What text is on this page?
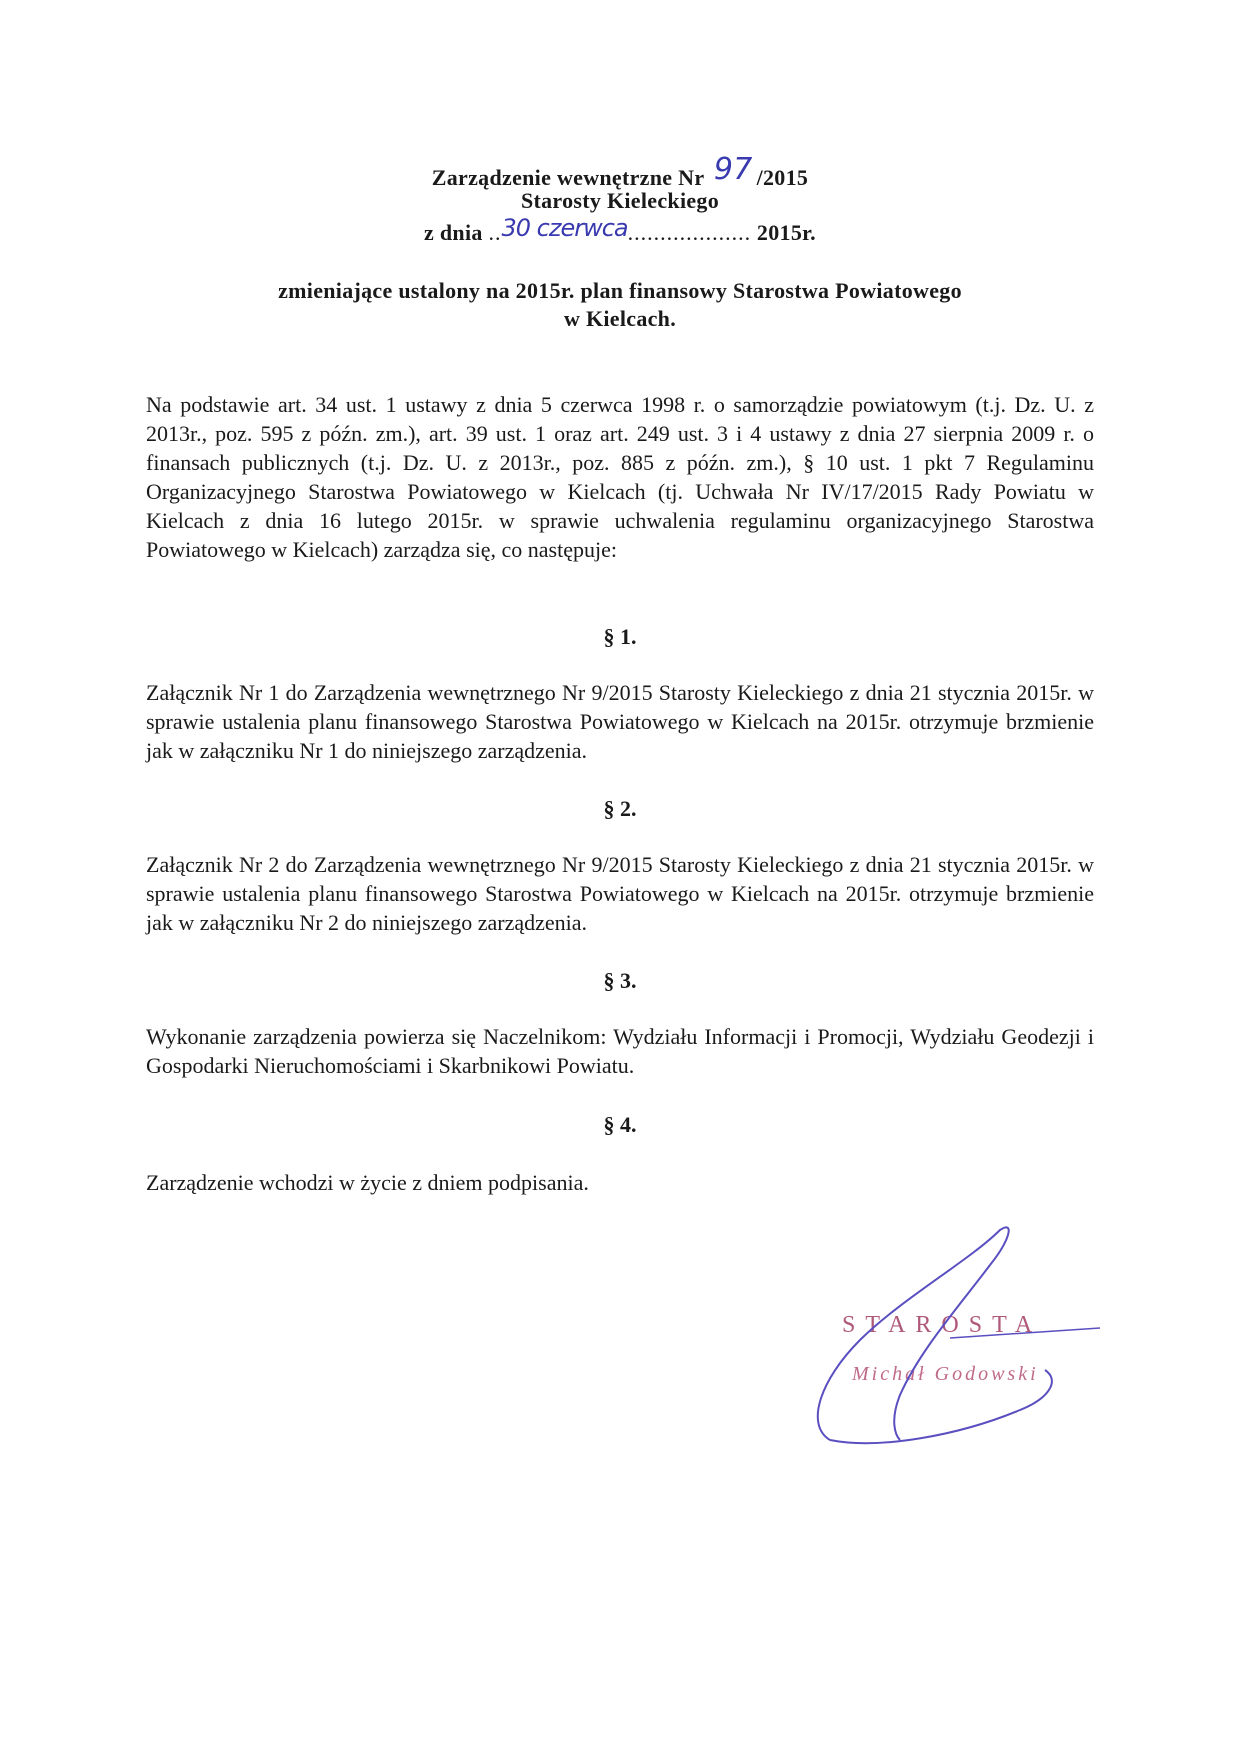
Zarządzenie wewnętrzne Nr 97 /2015
Starosty Kieleckiego
z dnia ..30 czerwca................... 2015r.
zmieniające ustalony na 2015r. plan finansowy Starostwa Powiatowego
w Kielcach.
Na podstawie art. 34 ust. 1 ustawy z dnia 5 czerwca 1998 r. o samorządzie powiatowym (t.j. Dz. U. z 2013r., poz. 595 z późn. zm.), art. 39 ust. 1 oraz art. 249 ust. 3 i 4 ustawy z dnia 27 sierpnia 2009 r. o finansach publicznych (t.j. Dz. U. z 2013r., poz. 885 z późn. zm.), § 10 ust. 1 pkt 7 Regulaminu Organizacyjnego Starostwa Powiatowego w Kielcach (tj. Uchwała Nr IV/17/2015 Rady Powiatu w Kielcach z dnia 16 lutego 2015r. w sprawie uchwalenia regulaminu organizacyjnego Starostwa Powiatowego w Kielcach) zarządza się, co następuje:
§ 1.
Załącznik Nr 1 do Zarządzenia wewnętrznego Nr 9/2015 Starosty Kieleckiego z dnia 21 stycznia 2015r. w sprawie ustalenia planu finansowego Starostwa Powiatowego w Kielcach na 2015r. otrzymuje brzmienie jak w załączniku Nr 1 do niniejszego zarządzenia.
§ 2.
Załącznik Nr 2 do Zarządzenia wewnętrznego Nr 9/2015 Starosty Kieleckiego z dnia 21 stycznia 2015r. w sprawie ustalenia planu finansowego Starostwa Powiatowego w Kielcach na 2015r. otrzymuje brzmienie jak w załączniku Nr 2 do niniejszego zarządzenia.
§ 3.
Wykonanie zarządzenia powierza się Naczelnikom: Wydziału Informacji i Promocji, Wydziału Geodezji i Gospodarki Nieruchomościami i Skarbnikowi Powiatu.
§ 4.
Zarządzenie wchodzi w życie z dniem podpisania.
STAROSTA
Michał Godowski
